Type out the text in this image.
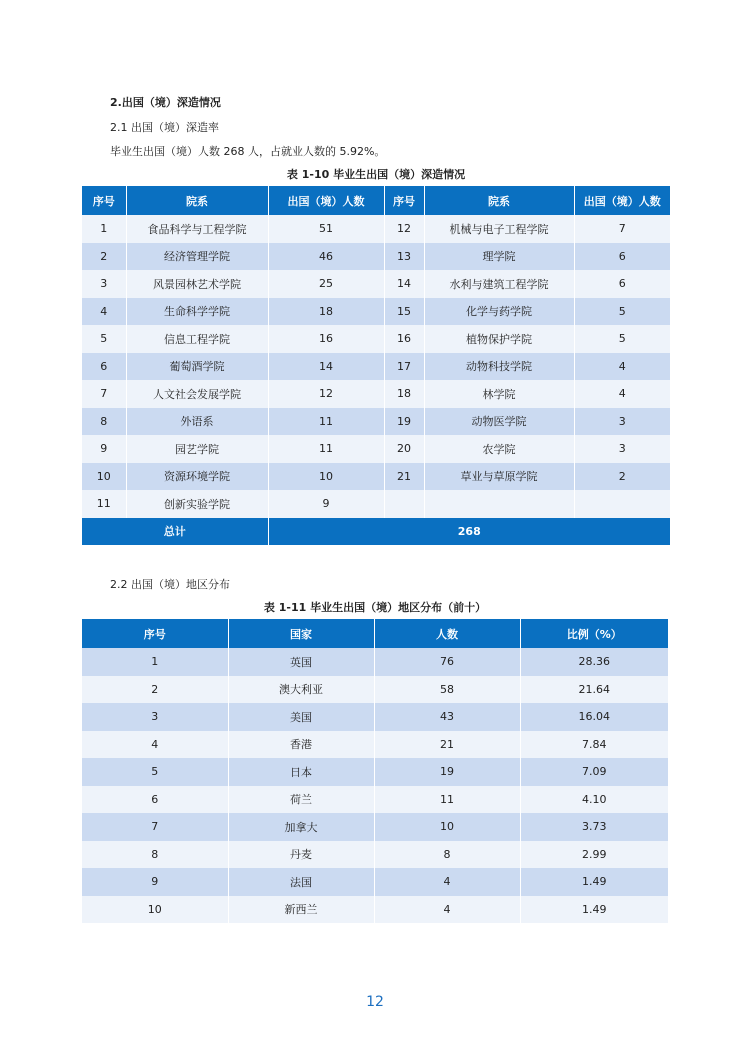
2.出国（境）深造情况
2.1 出国（境）深造率
毕业生出国（境）人数 268 人，占就业人数的 5.92%。
表 1-10 毕业生出国（境）深造情况
序号	院系	出国（境）人数	序号	院系	出国（境）人数
1	食品科学与工程学院	51	12	机械与电子工程学院	7
2	经济管理学院	46	13	理学院	6
3	风景园林艺术学院	25	14	水利与建筑工程学院	6
4	生命科学学院	18	15	化学与药学院	5
5	信息工程学院	16	16	植物保护学院	5
6	葡萄酒学院	14	17	动物科技学院	4
7	人文社会发展学院	12	18	林学院	4
8	外语系	11	19	动物医学院	3
9	园艺学院	11	20	农学院	3
10	资源环境学院	10	21	草业与草原学院	2
11	创新实验学院	9			
总计		268			
2.2 出国（境）地区分布
表 1-11 毕业生出国（境）地区分布（前十）
序号	国家	人数	比例（%）
1	英国	76	28.36
2	澳大利亚	58	21.64
3	美国	43	16.04
4	香港	21	7.84
5	日本	19	7.09
6	荷兰	11	4.10
7	加拿大	10	3.73
8	丹麦	8	2.99
9	法国	4	1.49
10	新西兰	4	1.49
12
